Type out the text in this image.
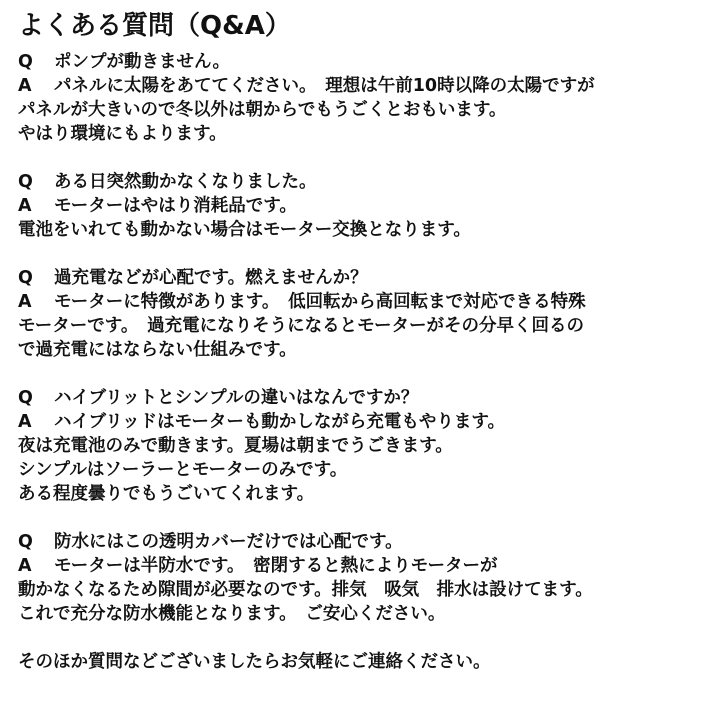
よくある質問（Q&A）
Q	ポンプが動きません。
A	パネルに太陽をあててください。　理想は午前10時以降の太陽ですが
パネルが大きいので冬以外は朝からでもうごくとおもいます。
やはり環境にもよります。
Q	ある日突然動かなくなりました。
A	モーターはやはり消耗品です。
電池をいれても動かない場合はモーター交換となります。
Q	過充電などが心配です。燃えませんか？
A	モーターに特徴があります。　低回転から高回転まで対応できる特殊
モーターです。　過充電になりそうになるとモーターがその分早く回るの
で過充電にはならない仕組みです。
Q	ハイブリットとシンプルの違いはなんですか？
A	ハイブリッドはモーターも動かしながら充電もやります。
夜は充電池のみで動きます。夏場は朝までうごきます。
シンプルはソーラーとモーターのみです。
ある程度曇りでもうごいてくれます。
Q	防水にはこの透明カバーだけでは心配です。
A	モーターは半防水です。　密閉すると熱によりモーターが
動かなくなるため隙間が必要なのです。排気　吸気　排水は設けてます。
これで充分な防水機能となります。　ご安心ください。
そのほか質問などございましたらお気軽にご連絡ください。
